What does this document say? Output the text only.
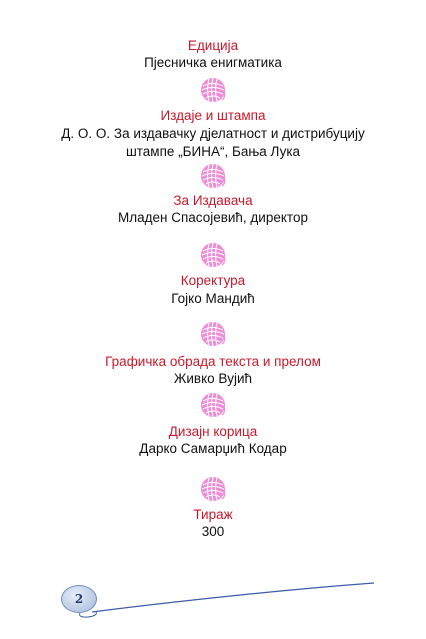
Едиција
Пјесничка енигматика
Издаје и штампа
Д. О. О. За издавачку дјелатност и дистрибуцију
штампе „БИНА“, Бања Лука
За Издавача
Младен Спасојевић, директор
Коректура
Гојко Мандић
Графичка обрада текста и прелом
Живко Вујић
Дизајн корица
Дарко Самарџић Кодар
Тираж
300
2
